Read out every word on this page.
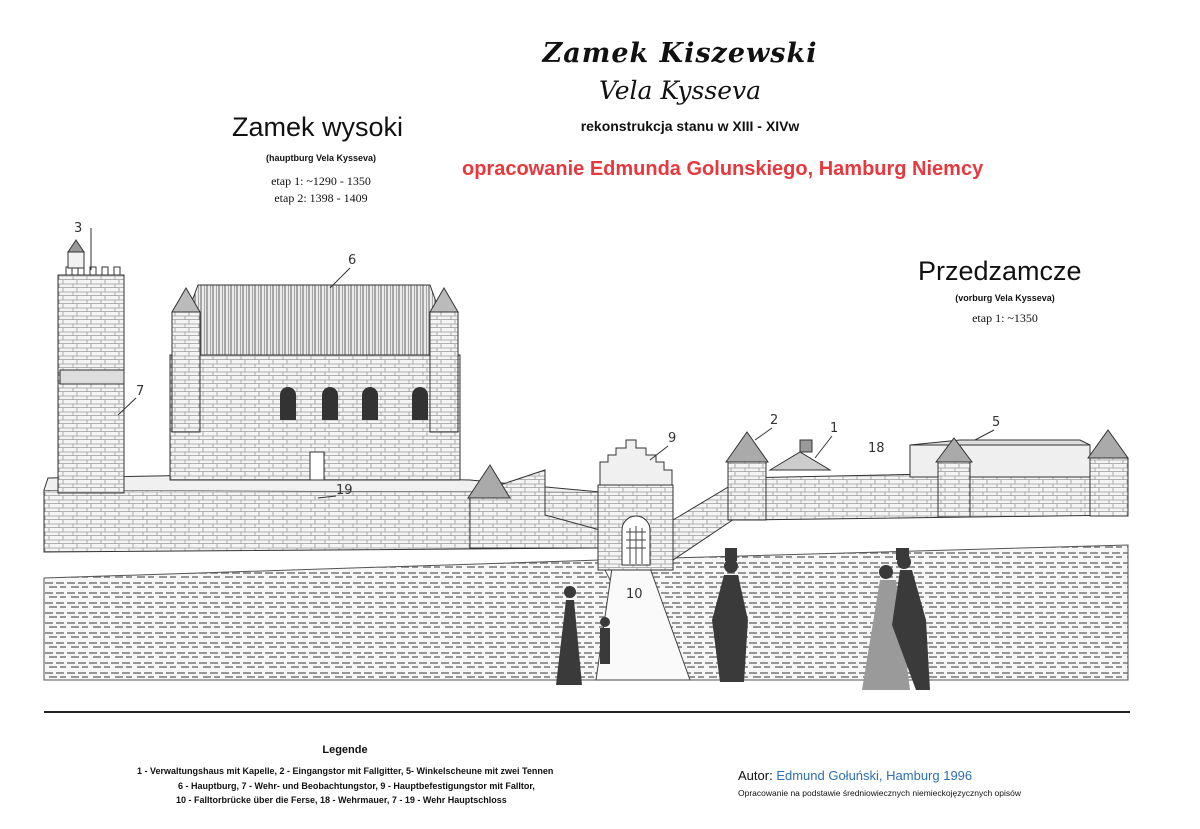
3
6
7
9
2
1
18
5
19
10
Zamek Kiszewski
Vela Kysseva
rekonstrukcja stanu w XIII - XIVw
opracowanie Edmunda Golunskiego, Hamburg Niemcy
Zamek wysoki
(hauptburg Vela Kysseva)
etap 1: ~1290 - 1350
etap 2: 1398 - 1409
Przedzamcze
(vorburg Vela Kysseva)
etap 1: ~1350
Legende
1 - Verwaltungshaus mit Kapelle, 2 - Eingangstor mit Fallgitter, 5- Winkelscheune mit zwei Tennen
6 - Hauptburg, 7 - Wehr- und Beobachtungstor, 9 - Hauptbefestigungstor mit Falltor,
10 - Falltorbrücke über die Ferse, 18 - Wehrmauer, 7 - 19 - Wehr Hauptschloss
Autor: Edmund Gołuński, Hamburg 1996
Opracowanie na podstawie średniowiecznych niemieckojęzycznych opisów
